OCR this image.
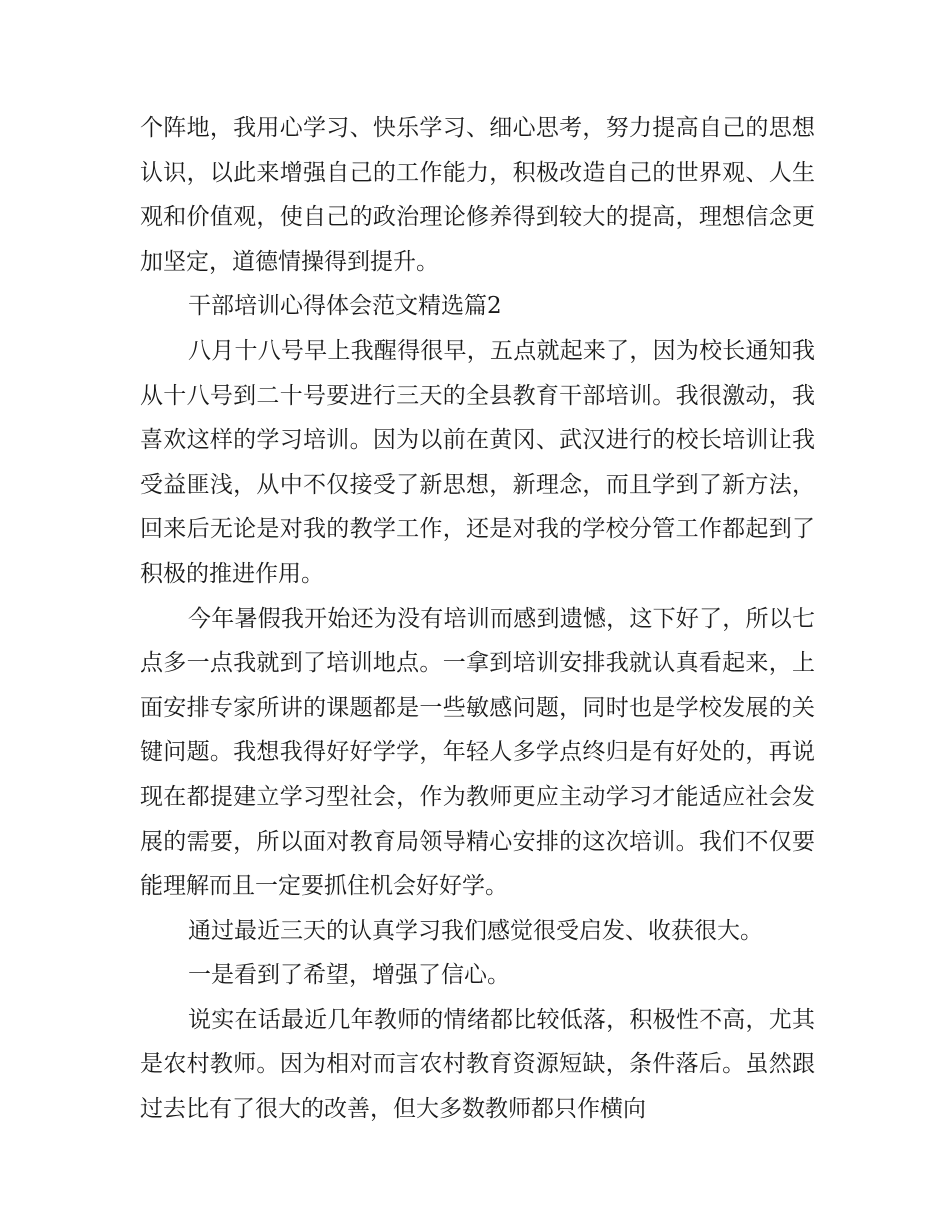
个阵地，我用心学习、快乐学习、细心思考，努力提高自己的思想认识，以此来增强自己的工作能力，积极改造自己的世界观、人生观和价值观，使自己的政治理论修养得到较大的提高，理想信念更加坚定，道德情操得到提升。

干部培训心得体会范文精选篇2

八月十八号早上我醒得很早，五点就起来了，因为校长通知我从十八号到二十号要进行三天的全县教育干部培训。我很激动，我喜欢这样的学习培训。因为以前在黄冈、武汉进行的校长培训让我受益匪浅，从中不仅接受了新思想，新理念，而且学到了新方法，回来后无论是对我的教学工作，还是对我的学校分管工作都起到了积极的推进作用。

今年暑假我开始还为没有培训而感到遗憾，这下好了，所以七点多一点我就到了培训地点。一拿到培训安排我就认真看起来，上面安排专家所讲的课题都是一些敏感问题，同时也是学校发展的关键问题。我想我得好好学学，年轻人多学点终归是有好处的，再说现在都提建立学习型社会，作为教师更应主动学习才能适应社会发展的需要，所以面对教育局领导精心安排的这次培训。我们不仅要能理解而且一定要抓住机会好好学。

通过最近三天的认真学习我们感觉很受启发、收获很大。

一是看到了希望，增强了信心。

说实在话最近几年教师的情绪都比较低落，积极性不高，尤其是农村教师。因为相对而言农村教育资源短缺，条件落后。虽然跟过去比有了很大的改善，但大多数教师都只作横向
